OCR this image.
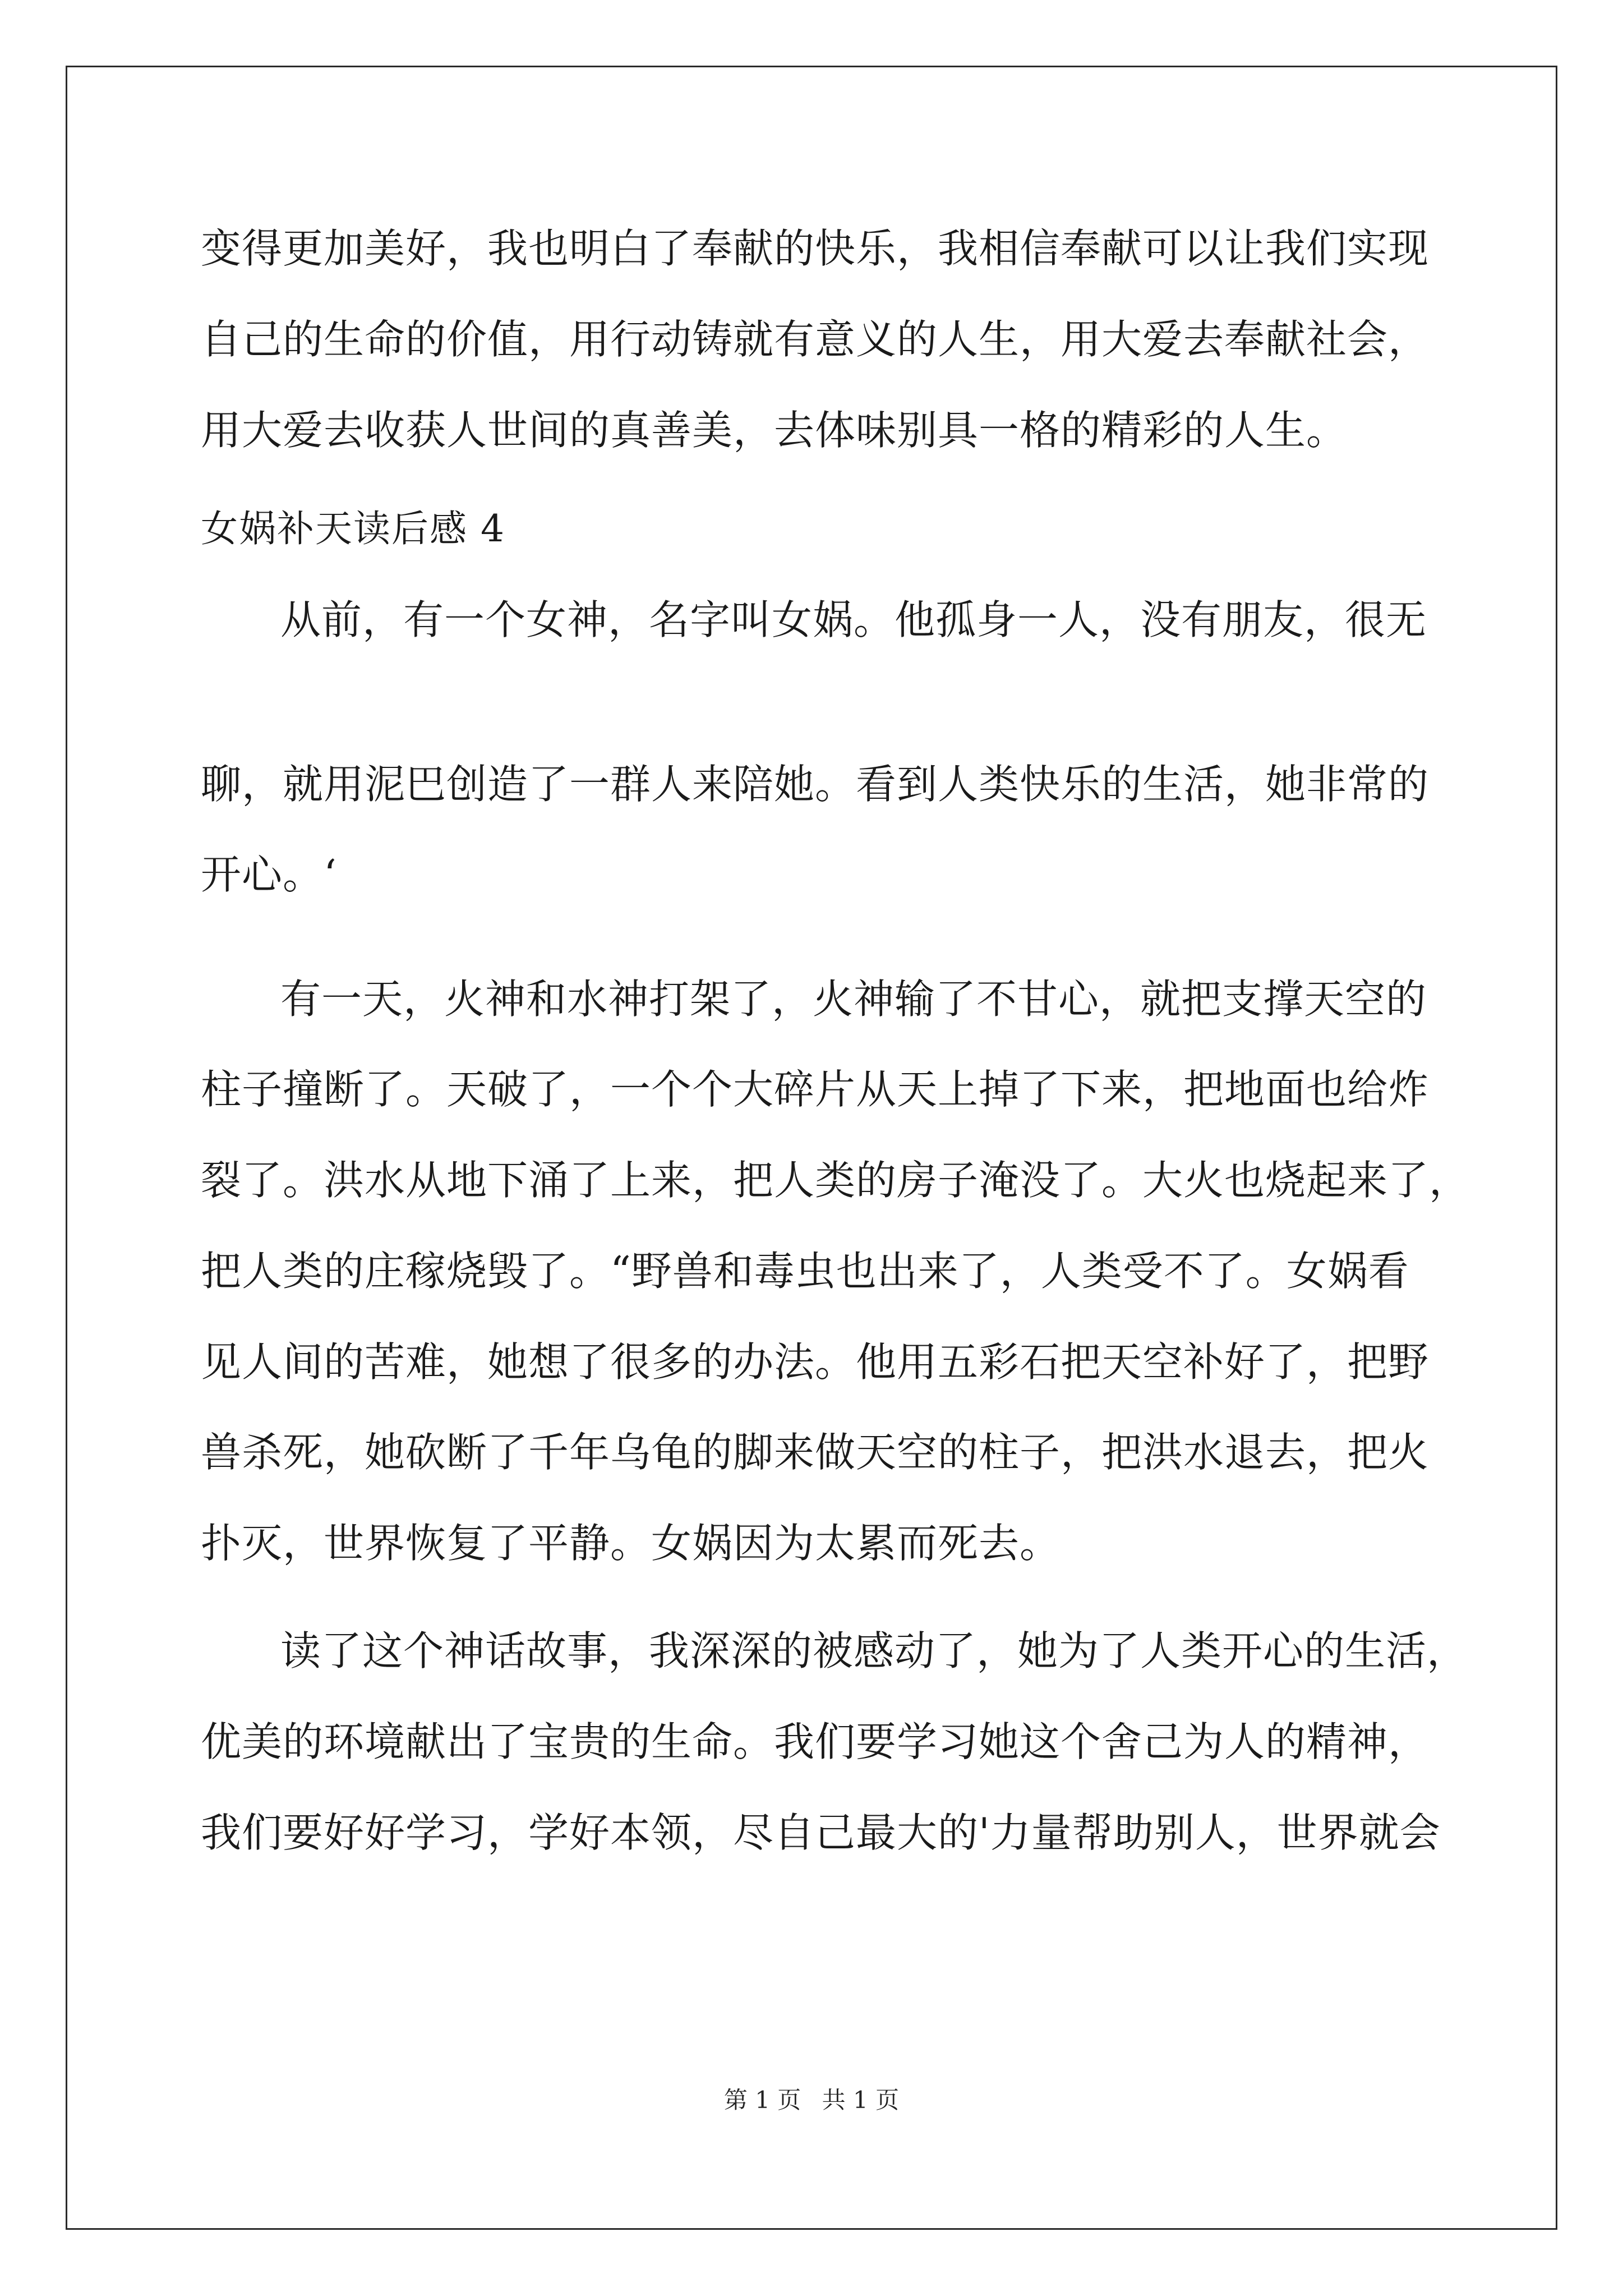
变得更加美好，我也明白了奉献的快乐，我相信奉献可以让我们实现
自己的生命的价值，用行动铸就有意义的人生，用大爱去奉献社会，
用大爱去收获人世间的真善美，去体味别具一格的精彩的人生。
女娲补天读后感 4
从前，有一个女神，名字叫女娲。他孤身一人，没有朋友，很无
聊，就用泥巴创造了一群人来陪她。看到人类快乐的生活，她非常的
开心。‘
有一天，火神和水神打架了，火神输了不甘心，就把支撑天空的
柱子撞断了。天破了，一个个大碎片从天上掉了下来，把地面也给炸
裂了。洪水从地下涌了上来，把人类的房子淹没了。大火也烧起来了，
把人类的庄稼烧毁了。“野兽和毒虫也出来了，人类受不了。女娲看
见人间的苦难，她想了很多的办法。他用五彩石把天空补好了，把野
兽杀死，她砍断了千年乌龟的脚来做天空的柱子，把洪水退去，把火
扑灭，世界恢复了平静。女娲因为太累而死去。
读了这个神话故事，我深深的被感动了，她为了人类开心的生活，
优美的环境献出了宝贵的生命。我们要学习她这个舍己为人的精神，
我们要好好学习，学好本领，尽自己最大的'力量帮助别人，世界就会
第 1 页 共 1 页
